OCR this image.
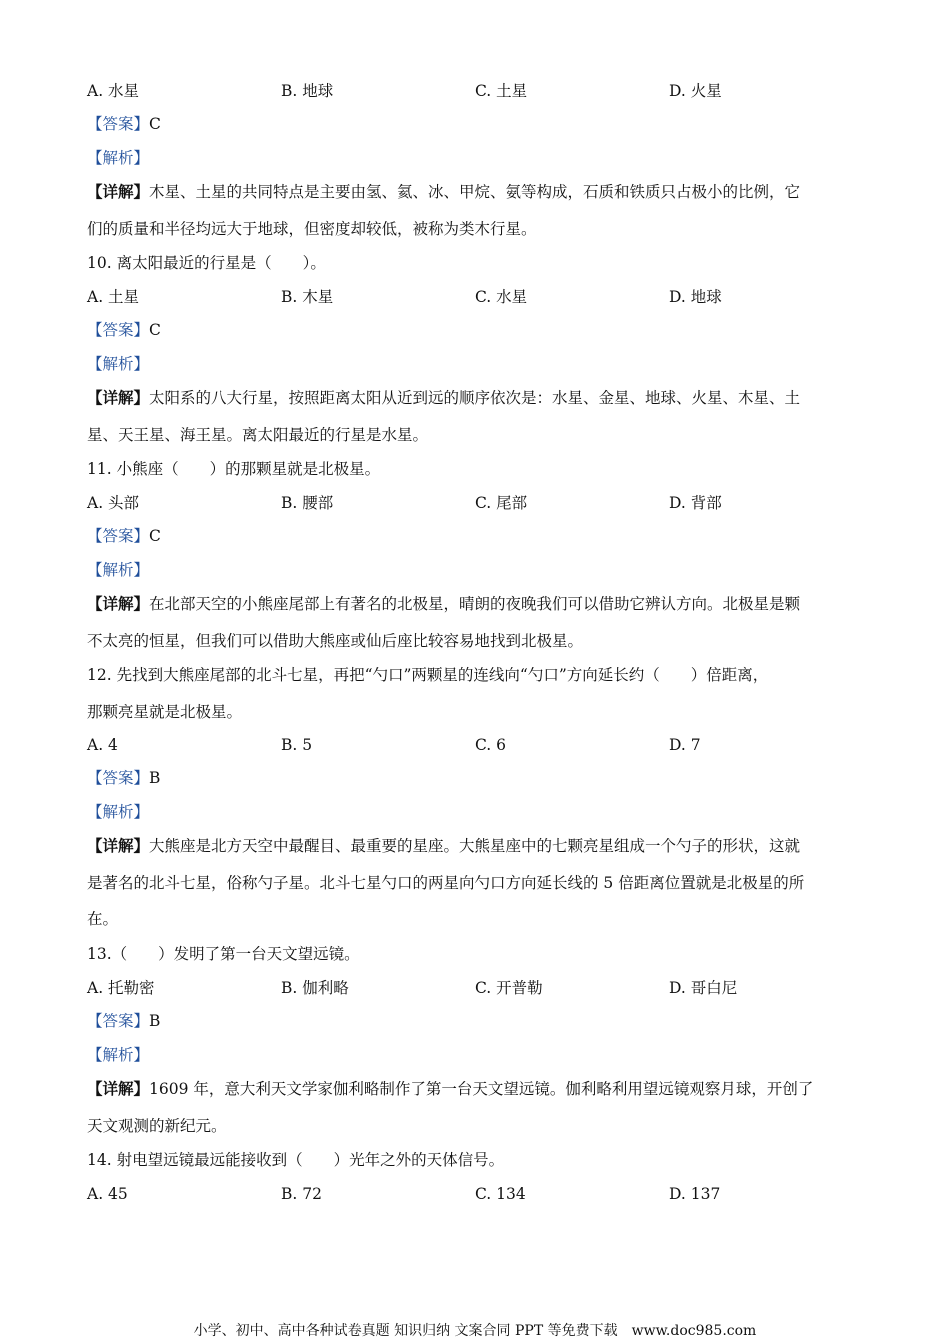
A. 水星	B. 地球	C. 土星	D. 火星
【答案】C
【解析】
【详解】木星、土星的共同特点是主要由氢、氦、冰、甲烷、氨等构成，石质和铁质只占极小的比例，它
们的质量和半径均远大于地球，但密度却较低，被称为类木行星。
10. 离太阳最近的行星是（　　）。
A. 土星	B. 木星	C. 水星	D. 地球
【答案】C
【解析】
【详解】太阳系的八大行星，按照距离太阳从近到远的顺序依次是：水星、金星、地球、火星、木星、土
星、天王星、海王星。离太阳最近的行星是水星。
11. 小熊座（　　）的那颗星就是北极星。
A. 头部	B. 腰部	C. 尾部	D. 背部
【答案】C
【解析】
【详解】在北部天空的小熊座尾部上有著名的北极星，晴朗的夜晚我们可以借助它辨认方向。北极星是颗
不太亮的恒星，但我们可以借助大熊座或仙后座比较容易地找到北极星。
12. 先找到大熊座尾部的北斗七星，再把“勺口”两颗星的连线向“勺口”方向延长约（　　）倍距离，
那颗亮星就是北极星。
A. 4	B. 5	C. 6	D. 7
【答案】B
【解析】
【详解】大熊座是北方天空中最醒目、最重要的星座。大熊星座中的七颗亮星组成一个勺子的形状，这就
是著名的北斗七星，俗称勺子星。北斗七星勺口的两星向勺口方向延长线的 5 倍距离位置就是北极星的所
在。
13.（　　）发明了第一台天文望远镜。
A. 托勒密	B. 伽利略	C. 开普勒	D. 哥白尼
【答案】B
【解析】
【详解】1609 年，意大利天文学家伽利略制作了第一台天文望远镜。伽利略利用望远镜观察月球，开创了
天文观测的新纪元。
14. 射电望远镜最远能接收到（　　）光年之外的天体信号。
A. 45	B. 72	C. 134	D. 137
小学、初中、高中各种试卷真题 知识归纳 文案合同 PPT 等免费下载　www.doc985.com
